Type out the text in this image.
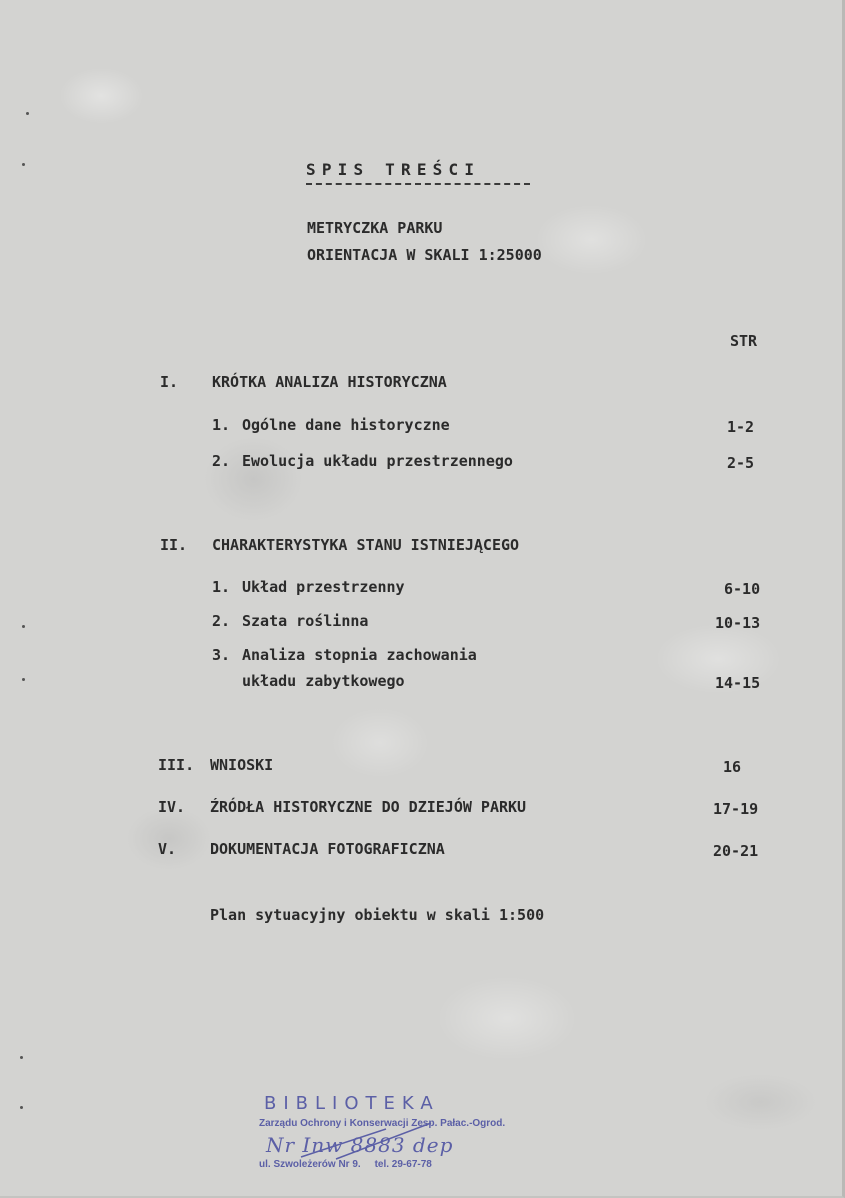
SPIS TREŚCI
METRYCZKA PARKU
ORIENTACJA W SKALI 1:25000
STR
I. KRÓTKA ANALIZA HISTORYCZNA
1. Ogólne dane historyczne	1-2
2. Ewolucja układu przestrzennego	2-5
II. CHARAKTERYSTYKA STANU ISTNIEJĄCEGO
1. Układ przestrzenny	6-10
2. Szata roślinna	10-13
3. Analiza stopnia zachowania
układu zabytkowego	14-15
III. WNIOSKI	16
IV. ŹRÓDŁA HISTORYCZNE DO DZIEJÓW PARKU	17-19
V. DOKUMENTACJA FOTOGRAFICZNA	20-21
Plan sytuacyjny obiektu w skali 1:500
BIBLIOTEKA
Zarządu Ochrony i Konserwacji Zesp. Pałac.-Ogrod.
Nr Inw 8883 dep
ul. Szwoleżerów Nr 9.     tel. 29-67-78
